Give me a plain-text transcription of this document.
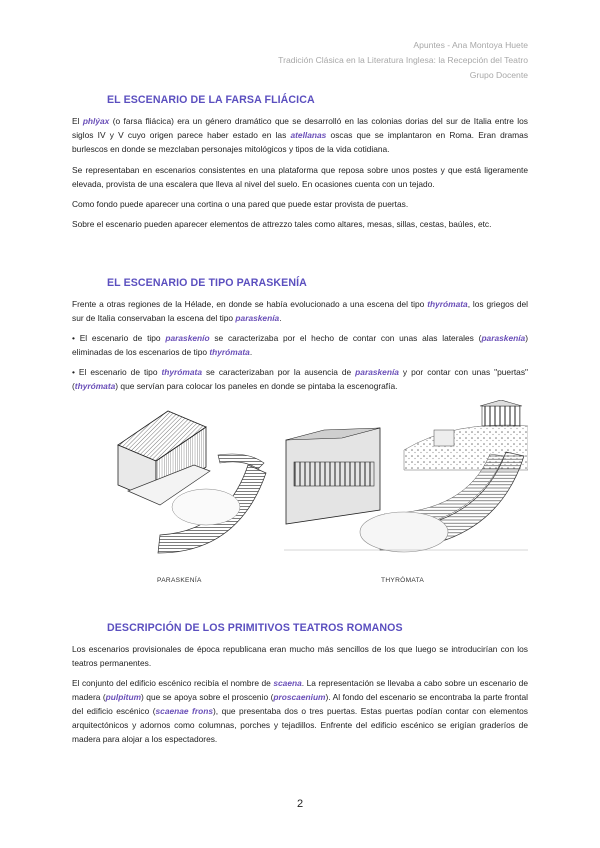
Apuntes - Ana Montoya Huete
Tradición Clásica en la Literatura Inglesa: la Recepción del Teatro
Grupo Docente
EL ESCENARIO DE LA FARSA FLIÁCICA
El phlýax (o farsa fliácica) era un género dramático que se desarrolló en las colonias dorias del sur de Italia entre los siglos IV y V cuyo origen parece haber estado en las atellanas oscas que se implantaron en Roma. Eran dramas burlescos en donde se mezclaban personajes mitológicos y tipos de la vida cotidiana.
Se representaban en escenarios consistentes en una plataforma que reposa sobre unos postes y que está ligeramente elevada, provista de una escalera que lleva al nivel del suelo. En ocasiones cuenta con un tejado.
Como fondo puede aparecer una cortina o una pared que puede estar provista de puertas.
Sobre el escenario pueden aparecer elementos de attrezzo tales como altares, mesas, sillas, cestas, baúles, etc.
EL ESCENARIO DE TIPO PARASKENÍA
Frente a otras regiones de la Hélade, en donde se había evolucionado a una escena del tipo thyrómata, los griegos del sur de Italia conservaban la escena del tipo paraskenía.
• El escenario de tipo paraskenío se caracterizaba por el hecho de contar con unas alas laterales (paraskenía) eliminadas de los escenarios de tipo thyrómata.
• El escenario de tipo thyrómata se caracterizaban por la ausencia de paraskenía y por contar con unas "puertas" (thyrómata) que servían para colocar los paneles en donde se pintaba la escenografía.
PARASKENÍA	THYRÓMATA
DESCRIPCIÓN DE LOS PRIMITIVOS TEATROS ROMANOS
Los escenarios provisionales de época republicana eran mucho más sencillos de los que luego se introducirían con los teatros permanentes.
El conjunto del edificio escénico recibía el nombre de scaena. La representación se llevaba a cabo sobre un escenario de madera (pulpitum) que se apoya sobre el proscenio (proscaenium). Al fondo del escenario se encontraba la parte frontal del edificio escénico (scaenae frons), que presentaba dos o tres puertas. Estas puertas podían contar con elementos arquitectónicos y adornos como columnas, porches y tejadillos. Enfrente del edificio escénico se erigían graderíos de madera para alojar a los espectadores.
2
